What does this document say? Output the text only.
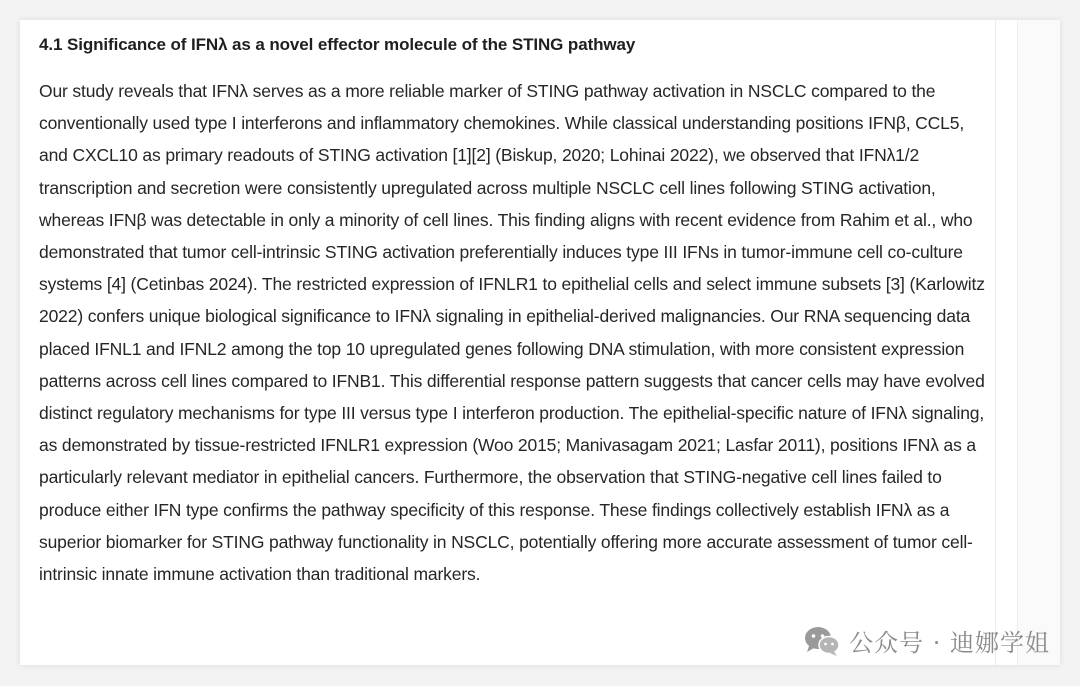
4.1 Significance of IFNλ as a novel effector molecule of the STING pathway

Our study reveals that IFNλ serves as a more reliable marker of STING pathway activation in NSCLC compared to the conventionally used type I interferons and inflammatory chemokines. While classical understanding positions IFNβ, CCL5, and CXCL10 as primary readouts of STING activation [1][2] (Biskup, 2020; Lohinai 2022), we observed that IFNλ1/2 transcription and secretion were consistently upregulated across multiple NSCLC cell lines following STING activation, whereas IFNβ was detectable in only a minority of cell lines. This finding aligns with recent evidence from Rahim et al., who demonstrated that tumor cell-intrinsic STING activation preferentially induces type III IFNs in tumor-immune cell co-culture systems [4] (Cetinbas 2024). The restricted expression of IFNLR1 to epithelial cells and select immune subsets [3] (Karlowitz 2022) confers unique biological significance to IFNλ signaling in epithelial-derived malignancies. Our RNA sequencing data placed IFNL1 and IFNL2 among the top 10 upregulated genes following DNA stimulation, with more consistent expression patterns across cell lines compared to IFNB1. This differential response pattern suggests that cancer cells may have evolved distinct regulatory mechanisms for type III versus type I interferon production. The epithelial-specific nature of IFNλ signaling, as demonstrated by tissue-restricted IFNLR1 expression (Woo 2015; Manivasagam 2021; Lasfar 2011), positions IFNλ as a particularly relevant mediator in epithelial cancers. Furthermore, the observation that STING-negative cell lines failed to produce either IFN type confirms the pathway specificity of this response. These findings collectively establish IFNλ as a superior biomarker for STING pathway functionality in NSCLC, potentially offering more accurate assessment of tumor cell-intrinsic innate immune activation than traditional markers.

公众号 · 迪娜学姐
